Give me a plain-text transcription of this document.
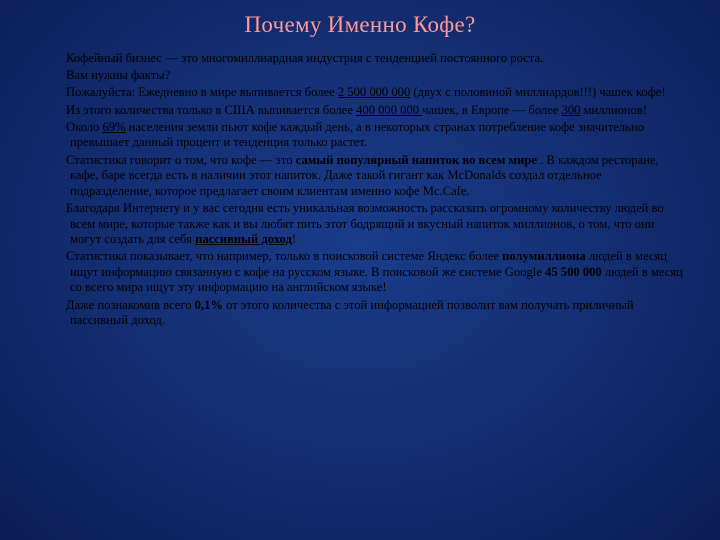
Почему Именно Кофе?

Кофейный бизнес — это многомиллиардная индустрия с тенденцией постоянного роста.

Вам нужны факты?

Пожалуйста: Ежедневно в мире выпивается более 2 500 000 000 (двух с половиной миллиардов!!!) чашек кофе!

Из этого количества только в США выпивается более 400 000 000 чашек, в Европе — более 300 миллионов!

Около 69% населения земли пьют кофе каждый день, а в некоторых странах потребление кофе значительно превышает данный процент и тенденция только растет.

Статистика говорит о том, что кофе — это самый популярный напиток во всем мире . В каждом ресторане, кафе, баре всегда есть в наличии этот напиток. Даже такой гигант как McDonalds создал отдельное подразделение, которое предлагает своим клиентам именно кофе Mc.Cafe.

Благодаря Интернету и у вас сегодня есть уникальная возможность рассказать огромному количеству людей во всем мире, которые также как и вы любят пить этот бодрящий и вкусный напиток миллионов, о том, что они могут создать для себя пассивный доход!

Статистика показывает, что например, только в поисковой системе Яндекс более полумиллиона людей в месяц ищут информацию связанную с кофе на русском языке. В поисковой же системе Google 45 500 000 людей в месяц со всего мира ищут эту информацию на английском языке!

Даже познакомив всего 0,1% от этого количества с этой информацией позволит вам получать приличный пассивный доход.
